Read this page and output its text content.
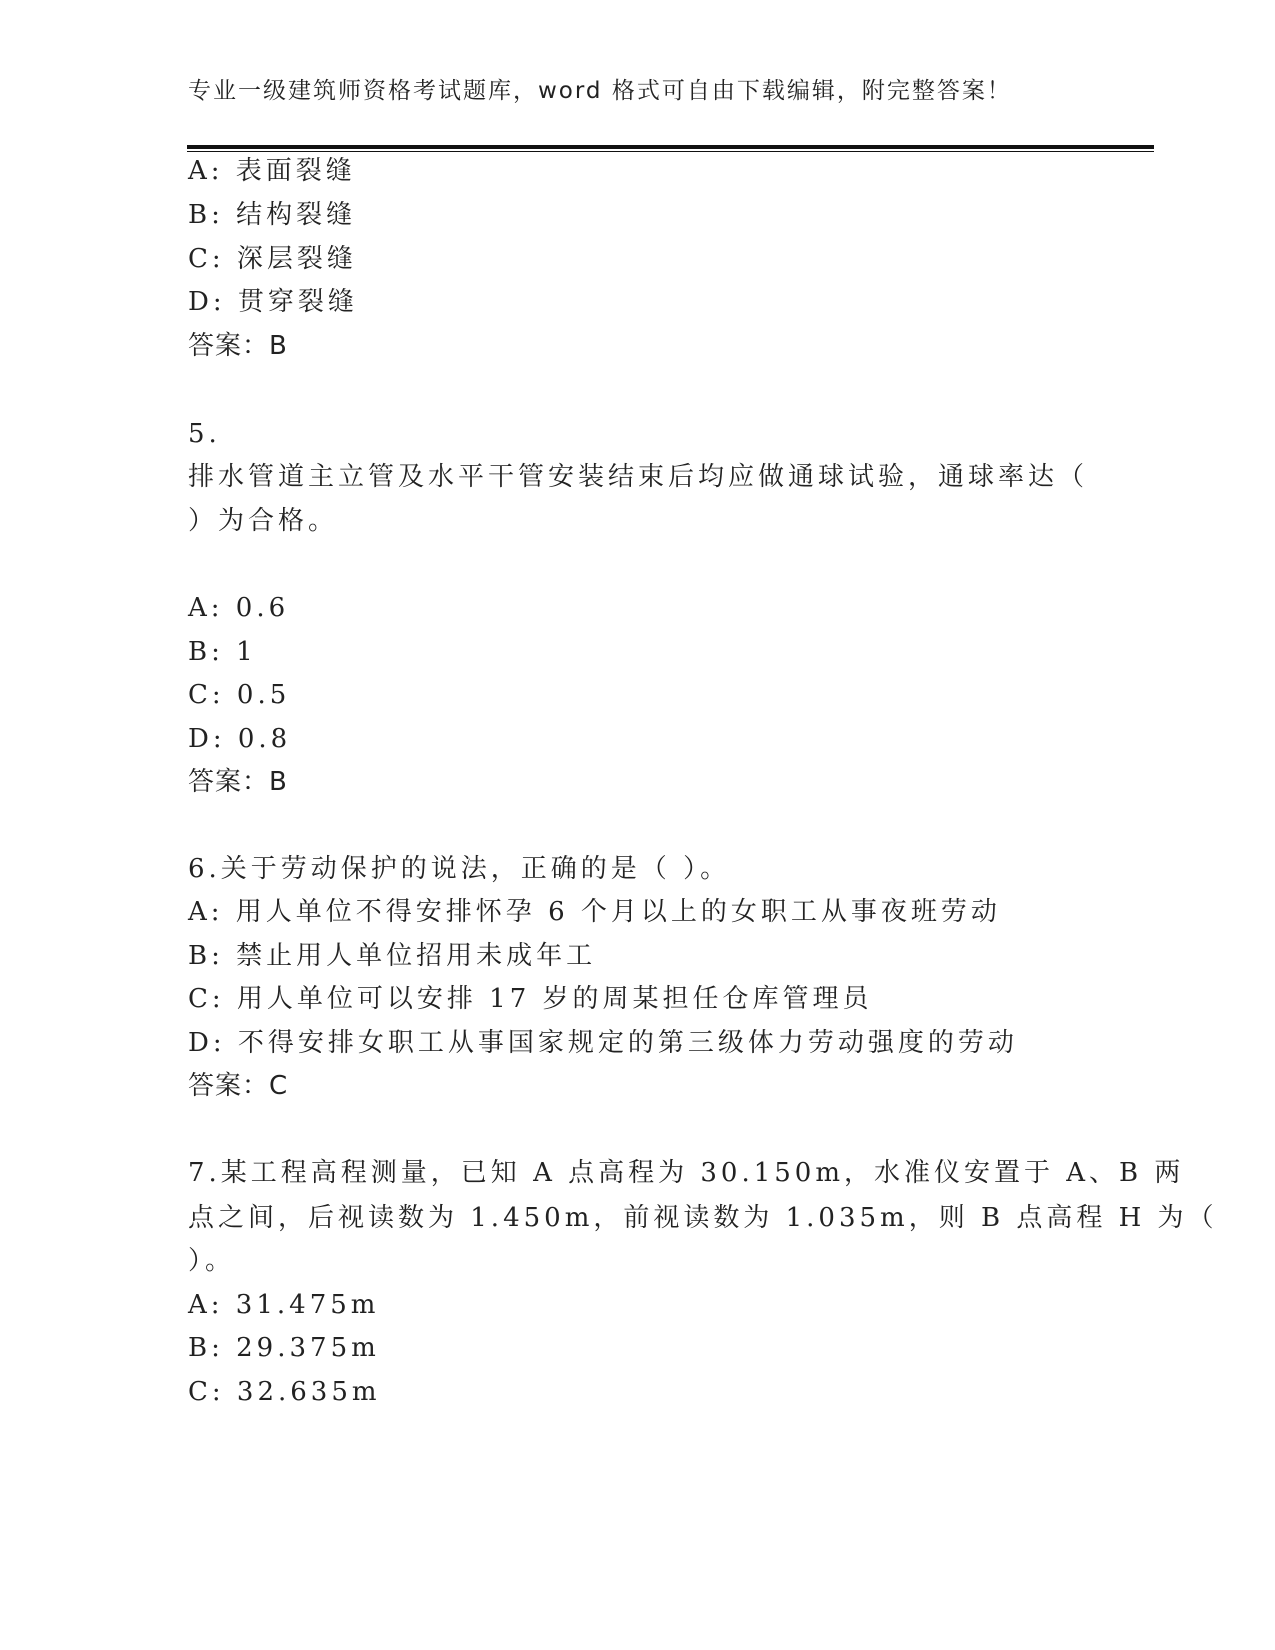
专业一级建筑师资格考试题库，word 格式可自由下载编辑，附完整答案！
A: 表面裂缝
B: 结构裂缝
C: 深层裂缝
D: 贯穿裂缝
答案：B
5.
排水管道主立管及水平干管安装结束后均应做通球试验，通球率达（
）为合格。
A: 0.6
B: 1
C: 0.5
D: 0.8
答案：B
6.关于劳动保护的说法，正确的是（ ）。
A: 用人单位不得安排怀孕 6 个月以上的女职工从事夜班劳动
B: 禁止用人单位招用未成年工
C: 用人单位可以安排 17 岁的周某担任仓库管理员
D: 不得安排女职工从事国家规定的第三级体力劳动强度的劳动
答案：C
7.某工程高程测量，已知 A 点高程为 30.150m，水准仪安置于 A、B 两
点之间，后视读数为 1.450m，前视读数为 1.035m，则 B 点高程 H 为（
）。
A: 31.475m
B: 29.375m
C: 32.635m
